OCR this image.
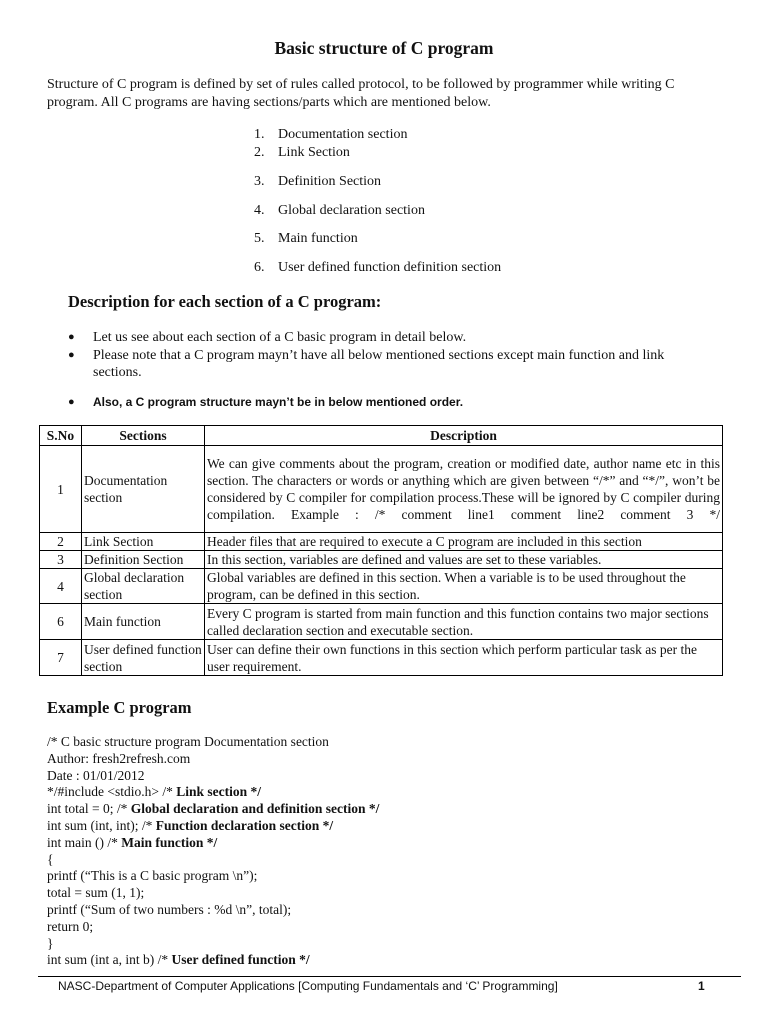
Basic structure of C program
Structure of C program is defined by set of rules called protocol, to be followed by programmer while writing C program. All C programs are having sections/parts which are mentioned below.
1. Documentation section
2. Link Section
3. Definition Section
4. Global declaration section
5. Main function
6. User defined function definition section
Description for each section of a C program:
● Let us see about each section of a C basic program in detail below.
● Please note that a C program mayn’t have all below mentioned sections except main function and link sections.
● Also, a C program structure mayn’t be in below mentioned order.
S.No	Sections	Description
1	Documentation section	We can give comments about the program, creation or modified date, author name etc in this section. The characters or words or anything which are given between “/*” and “*/”, won’t be considered by C compiler for compilation process.These will be ignored by C compiler during compilation. Example : /* comment line1 comment line2 comment 3 */
2	Link Section	Header files that are required to execute a C program are included in this section
3	Definition Section	In this section, variables are defined and values are set to these variables.
4	Global declaration section	Global variables are defined in this section. When a variable is to be used throughout the program, can be defined in this section.
6	Main function	Every C program is started from main function and this function contains two major sections called declaration section and executable section.
7	User defined function section	User can define their own functions in this section which perform particular task as per the user requirement.
Example C program
/* C basic structure program Documentation section
Author: fresh2refresh.com
Date : 01/01/2012
*/#include <stdio.h> /* Link section */
int total = 0; /* Global declaration and definition section */
int sum (int, int); /* Function declaration section */
int main () /* Main function */
{
printf (“This is a C basic program \n”);
total = sum (1, 1);
printf (“Sum of two numbers : %d \n”, total);
return 0;
}
int sum (int a, int b) /* User defined function */
NASC-Department of Computer Applications [Computing Fundamentals and ‘C’ Programming]	1
